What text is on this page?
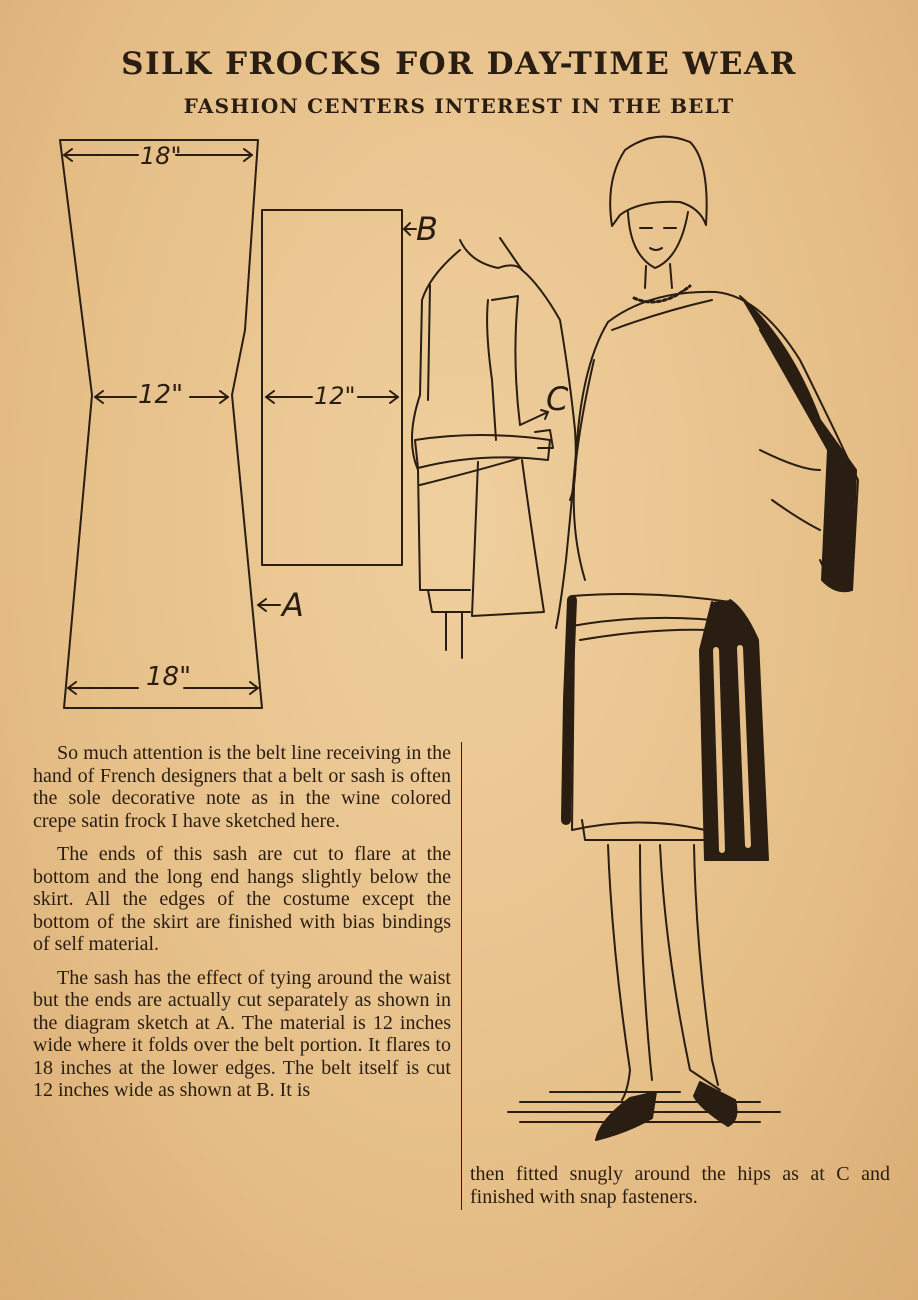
SILK FROCKS FOR DAY-TIME WEAR
FASHION CENTERS INTEREST IN THE BELT
18"
12"
18"
12"
A
B
C

So much attention is the belt line receiving in the hand of French designers that a belt or sash is often the sole decorative note as in the wine colored crepe satin frock I have sketched here.

The ends of this sash are cut to flare at the bottom and the long end hangs slightly below the skirt. All the edges of the costume except the bottom of the skirt are finished with bias bindings of self material.

The sash has the effect of tying around the waist but the ends are actually cut separately as shown in the diagram sketch at A. The material is 12 inches wide where it folds over the belt portion. It flares to 18 inches at the lower edges. The belt itself is cut 12 inches wide as shown at B. It is

then fitted snugly around the hips as at C and finished with snap fasteners.
